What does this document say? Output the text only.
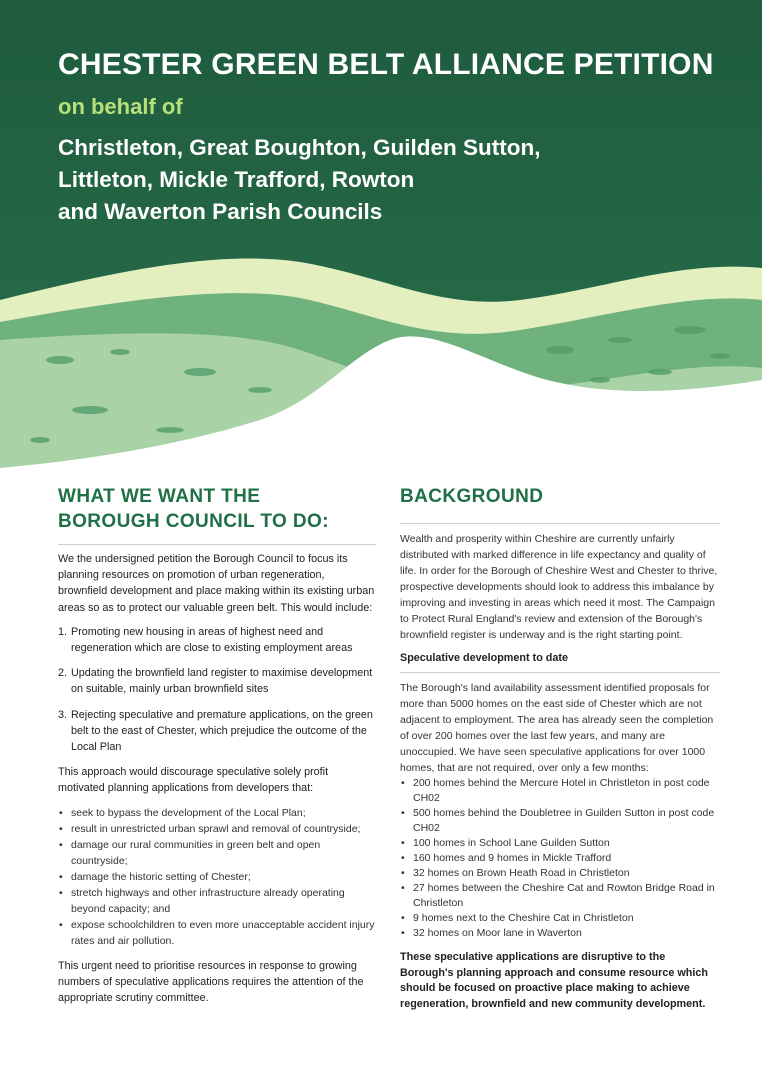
CHESTER GREEN BELT ALLIANCE PETITION

on behalf of

Christleton, Great Boughton, Guilden Sutton,
Littleton, Mickle Trafford, Rowton
and Waverton Parish Councils

WHAT WE WANT THE
BOROUGH COUNCIL TO DO:

We the undersigned petition the Borough Council to focus its planning resources on promotion of urban regeneration, brownfield development and place making within its existing urban areas so as to protect our valuable green belt. This would include:

1. Promoting new housing in areas of highest need and regeneration which are close to existing employment areas
2. Updating the brownfield land register to maximise development on suitable, mainly urban brownfield sites
3. Rejecting speculative and premature applications, on the green belt to the east of Chester, which prejudice the outcome of the Local Plan

This approach would discourage speculative solely profit motivated planning applications from developers that:

• seek to bypass the development of the Local Plan;
• result in unrestricted urban sprawl and removal of countryside;
• damage our rural communities in green belt and open countryside;
• damage the historic setting of Chester;
• stretch highways and other infrastructure already operating beyond capacity; and
• expose schoolchildren to even more unacceptable accident injury rates and air pollution.

This urgent need to prioritise resources in response to growing numbers of speculative applications requires the attention of the appropriate scrutiny committee.

BACKGROUND

Wealth and prosperity within Cheshire are currently unfairly distributed with marked difference in life expectancy and quality of life. In order for the Borough of Cheshire West and Chester to thrive, prospective developments should look to address this imbalance by improving and investing in areas which need it most. The Campaign to Protect Rural England's review and extension of the Borough's brownfield register is underway and is the right starting point.

Speculative development to date

The Borough's land availability assessment identified proposals for more than 5000 homes on the east side of Chester which are not adjacent to employment. The area has already seen the completion of over 200 homes over the last few years, and many are unoccupied. We have seen speculative applications for over 1000 homes, that are not required, over only a few months:

• 200 homes behind the Mercure Hotel in Christleton in post code CH02
• 500 homes behind the Doubletree in Guilden Sutton in post code CH02
• 100 homes in School Lane Guilden Sutton
• 160 homes and 9 homes in Mickle Trafford
• 32 homes on Brown Heath Road in Christleton
• 27 homes between the Cheshire Cat and Rowton Bridge Road in Christleton
• 9 homes next to the Cheshire Cat in Christleton
• 32 homes on Moor lane in Waverton

These speculative applications are disruptive to the Borough's planning approach and consume resource which should be focused on proactive place making to achieve regeneration, brownfield and new community development.
